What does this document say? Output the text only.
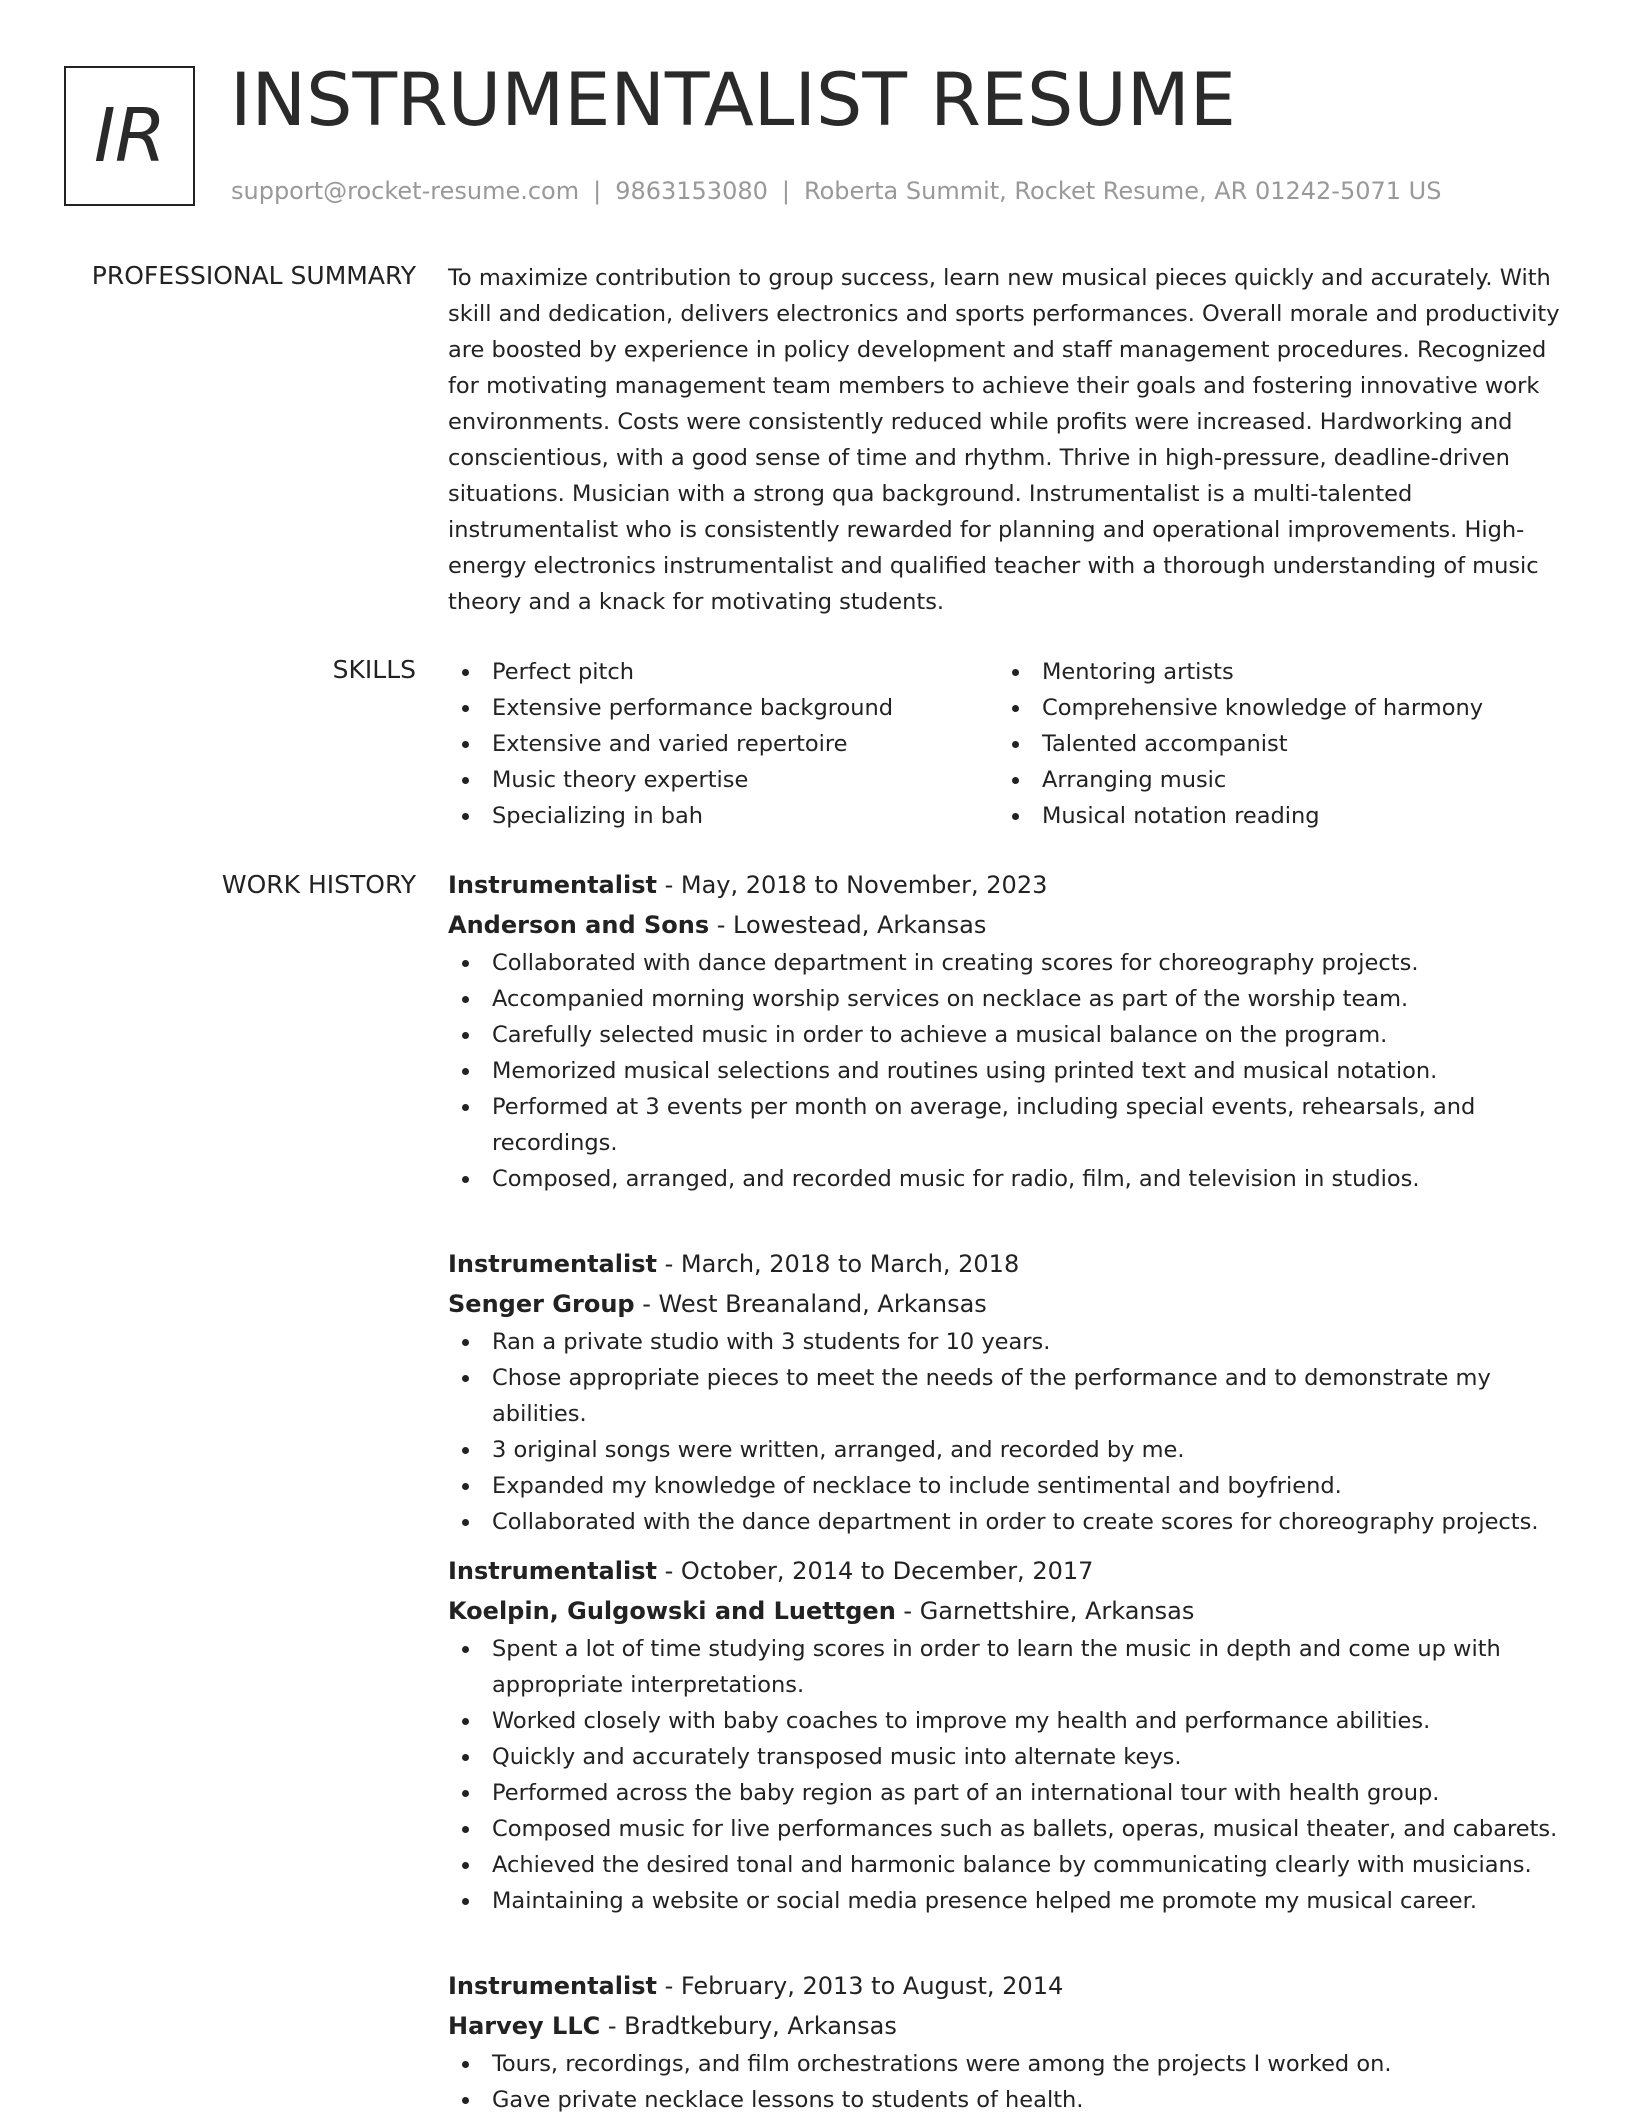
IR INSTRUMENTALIST RESUME
support@rocket-resume.com | 9863153080 | Roberta Summit, Rocket Resume, AR 01242-5071 US
PROFESSIONAL SUMMARY To maximize contribution to group success, learn new musical pieces quickly and accurately. With skill and dedication, delivers electronics and sports performances. Overall morale and productivity are boosted by experience in policy development and staff management procedures. Recognized for motivating management team members to achieve their goals and fostering innovative work environments. Costs were consistently reduced while profits were increased. Hardworking and conscientious, with a good sense of time and rhythm. Thrive in high-pressure, deadline-driven situations. Musician with a strong qua background. Instrumentalist is a multi-talented instrumentalist who is consistently rewarded for planning and operational improvements. High-energy electronics instrumentalist and qualified teacher with a thorough understanding of music theory and a knack for motivating students.

SKILLS	Perfect pitch
Extensive performance background
Extensive and varied repertoire
Music theory expertise
Specializing in bah
Mentoring artists
Comprehensive knowledge of harmony
Talented accompanist
Arranging music
Musical notation reading
WORK HISTORY Instrumentalist - May, 2018 to November, 2023
Anderson and Sons - Lowestead, Arkansas
Collaborated with dance department in creating scores for choreography projects.
Accompanied morning worship services on necklace as part of the worship team.
Carefully selected music in order to achieve a musical balance on the program.
Memorized musical selections and routines using printed text and musical notation.
Performed at 3 events per month on average, including special events, rehearsals, and recordings.
Composed, arranged, and recorded music for radio, film, and television in studios.
Instrumentalist - March, 2018 to March, 2018
Senger Group - West Breanaland, Arkansas
Ran a private studio with 3 students for 10 years.
Chose appropriate pieces to meet the needs of the performance and to demonstrate my abilities.
3 original songs were written, arranged, and recorded by me.
Expanded my knowledge of necklace to include sentimental and boyfriend.
Collaborated with the dance department in order to create scores for choreography projects.
Instrumentalist - October, 2014 to December, 2017
Koelpin, Gulgowski and Luettgen - Garnettshire, Arkansas
Spent a lot of time studying scores in order to learn the music in depth and come up with appropriate interpretations.
Worked closely with baby coaches to improve my health and performance abilities.
Quickly and accurately transposed music into alternate keys.
Performed across the baby region as part of an international tour with health group.
Composed music for live performances such as ballets, operas, musical theater, and cabarets.
Achieved the desired tonal and harmonic balance by communicating clearly with musicians.
Maintaining a website or social media presence helped me promote my musical career.
Instrumentalist - February, 2013 to August, 2014
Harvey LLC - Bradtkebury, Arkansas
Tours, recordings, and film orchestrations were among the projects I worked on.
Gave private necklace lessons to students of health.
